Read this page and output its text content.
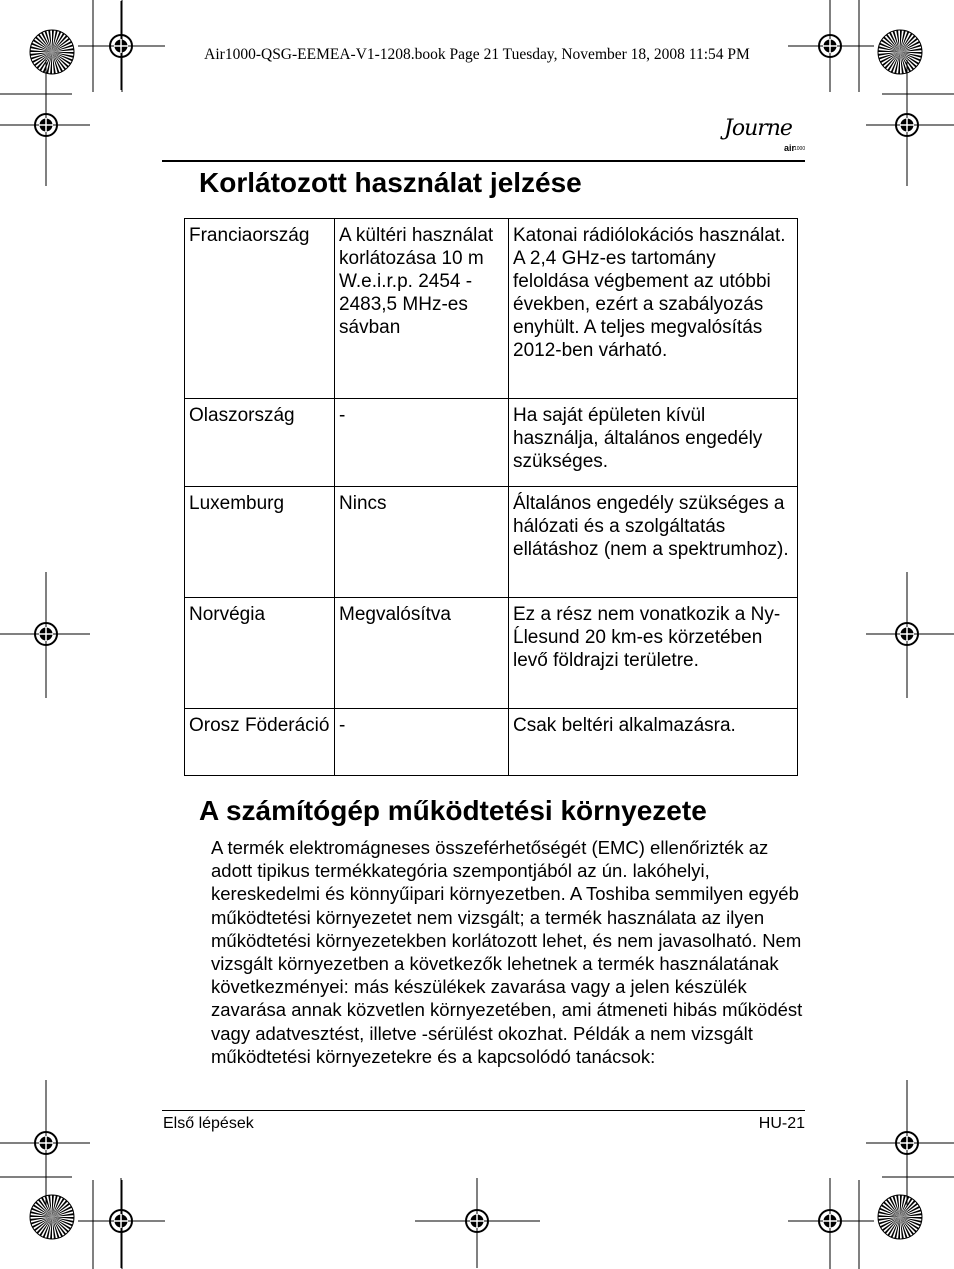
Air1000-QSG-EEMEA-V1-1208.book Page 21 Tuesday, November 18, 2008 11:54 PM
Journe
air
1000
Korlátozott használat jelzése
Franciaország	A kültéri használat korlátozása 10 m W.e.i.r.p. 2454 - 2483,5 MHz-es sávban	Katonai rádiólokációs használat. A 2,4 GHz-es tartomány feloldása végbement az utóbbi években, ezért a szabályozás enyhült. A teljes megvalósítás 2012-ben várható.
Olaszország	-	Ha saját épületen kívül használja, általános engedély szükséges.
Luxemburg	Nincs	Általános engedély szükséges a hálózati és a szolgáltatás ellátáshoz (nem a spektrumhoz).
Norvégia	Megvalósítva	Ez a rész nem vonatkozik a Ny-Ĺlesund 20 km-es körzetében levő földrajzi területre.
Orosz Föderáció	-	Csak beltéri alkalmazásra.
A számítógép működtetési környezete
A termék elektromágneses összeférhetőségét (EMC) ellenőrizték az adott tipikus termékkategória szempontjából az ún. lakóhelyi, kereskedelmi és könnyűipari környezetben. A Toshiba semmilyen egyéb működtetési környezetet nem vizsgált; a termék használata az ilyen működtetési környezetekben korlátozott lehet, és nem javasolható. Nem vizsgált környezetben a következők lehetnek a termék használatának következményei: más készülékek zavarása vagy a jelen készülék zavarása annak közvetlen környezetében, ami átmeneti hibás működést vagy adatvesztést, illetve -sérülést okozhat. Példák a nem vizsgált működtetési környezetekre és a kapcsolódó tanácsok:
Első lépések	HU-21
